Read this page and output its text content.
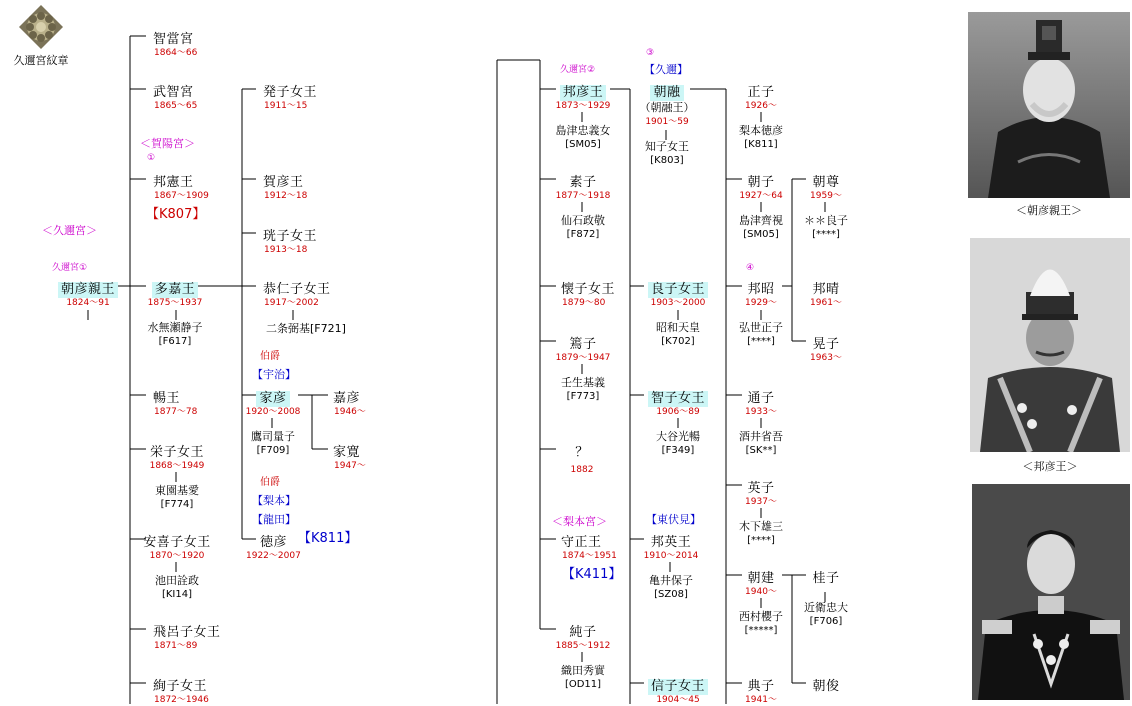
久邇宮紋章
＜久邇宮＞
久邇宮①
朝彦親王
1824～91
智當宮
1864～66
武智宮
1865～65
＜賀陽宮＞
①
邦憲王
1867～1909
【K807】
多嘉王
1875～1937
水無瀬静子
[F617]
暢王
1877～78
栄子女王
1868～1949
東園基愛
[F774]
安喜子女王
1870～1920
池田詮政
[KI14]
飛呂子女王
1871～89
絢子女王
1872～1946
発子女王
1911～15
賀彦王
1912～18
珖子女王
1913～18
恭仁子女王
1917～2002
二条弼基[F721]
伯爵
【宇治】
家彦
1920～2008
鷹司量子
[F709]
伯爵
【梨本】
【龍田】
徳彦
1922～2007
【K811】
嘉彦
1946～
家寛
1947～
久邇宮②
邦彦王
1873～1929
島津忠義女
[SM05]
素子
1877～1918
仙石政敬
[F872]
懐子女王
1879～80
篶子
1879～1947
壬生基義
[F773]
？
1882
＜梨本宮＞
守正王
1874～1951
【K411】
純子
1885～1912
織田秀實
[OD11]
③
【久邇】
朝融
（朝融王）
1901～59
知子女王
[K803]
良子女王
1903～2000
昭和天皇
[K702]
智子女王
1906～89
大谷光暢
[F349]
【東伏見】
邦英王
1910～2014
亀井保子
[SZ08]
信子女王
1904～45
正子
1926～
梨本徳彦
[K811]
朝子
1927～64
島津齊視
[SM05]
④
邦昭
1929～
弘世正子
[****]
通子
1933～
酒井省吾
[SK**]
英子
1937～
木下雄三
[****]
朝建
1940～
西村櫻子
[*****]
典子
1941～
朝尊
1959～
＊＊良子
[****]
邦晴
1961～
晃子
1963～
桂子
近衛忠大
[F706]
朝俊
＜朝彦親王＞
＜邦彦王＞
